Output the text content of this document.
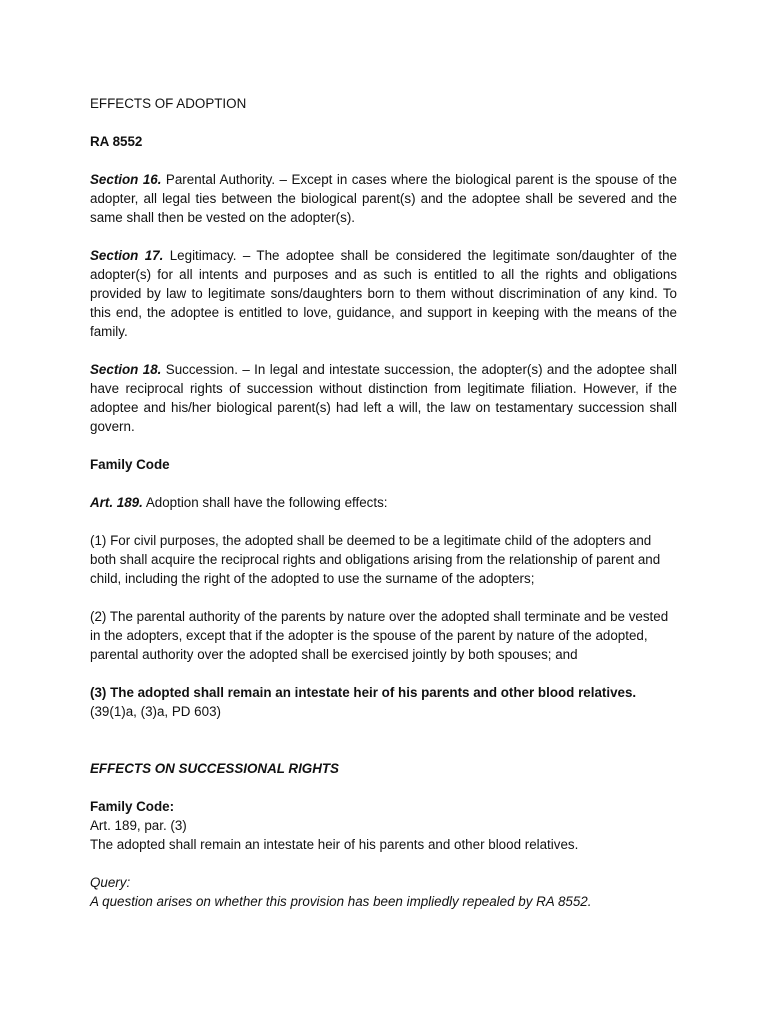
EFFECTS OF ADOPTION

RA 8552

Section 16. Parental Authority. – Except in cases where the biological parent is the spouse of the adopter, all legal ties between the biological parent(s) and the adoptee shall be severed and the same shall then be vested on the adopter(s).

Section 17. Legitimacy. – The adoptee shall be considered the legitimate son/daughter of the adopter(s) for all intents and purposes and as such is entitled to all the rights and obligations provided by law to legitimate sons/daughters born to them without discrimination of any kind. To this end, the adoptee is entitled to love, guidance, and support in keeping with the means of the family.

Section 18. Succession. – In legal and intestate succession, the adopter(s) and the adoptee shall have reciprocal rights of succession without distinction from legitimate filiation. However, if the adoptee and his/her biological parent(s) had left a will, the law on testamentary succession shall govern.

Family Code

Art. 189. Adoption shall have the following effects:

(1) For civil purposes, the adopted shall be deemed to be a legitimate child of the adopters and both shall acquire the reciprocal rights and obligations arising from the relationship of parent and child, including the right of the adopted to use the surname of the adopters;

(2) The parental authority of the parents by nature over the adopted shall terminate and be vested in the adopters, except that if the adopter is the spouse of the parent by nature of the adopted, parental authority over the adopted shall be exercised jointly by both spouses; and

(3) The adopted shall remain an intestate heir of his parents and other blood relatives.

(39(1)a, (3)a, PD 603)

EFFECTS ON SUCCESSIONAL RIGHTS

Family Code:

Art. 189, par. (3)

The adopted shall remain an intestate heir of his parents and other blood relatives.

Query:

A question arises on whether this provision has been impliedly repealed by RA 8552.
